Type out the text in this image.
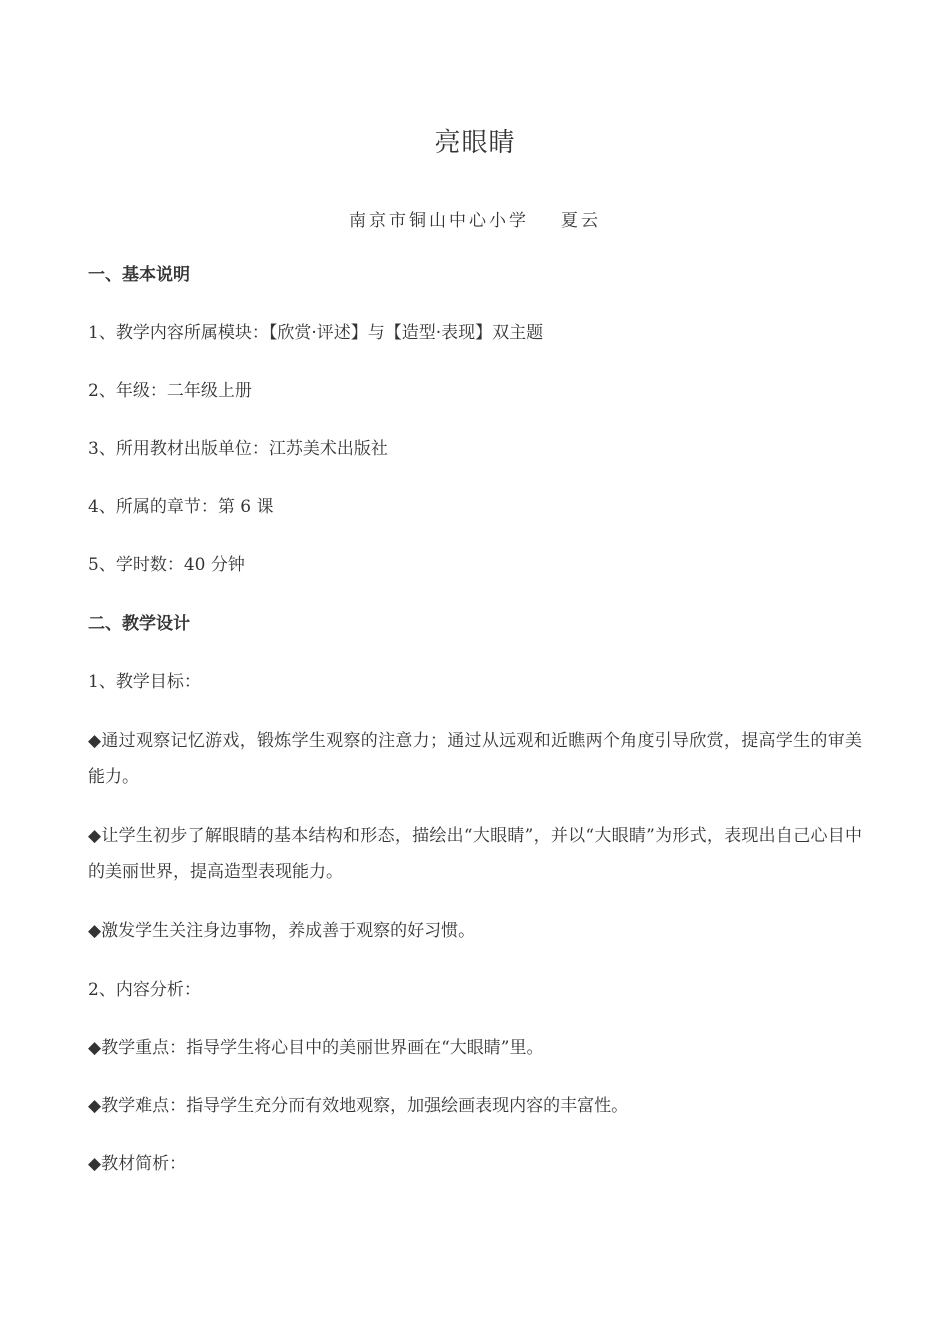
亮眼睛
南京市铜山中心小学 夏云
一、基本说明
1、教学内容所属模块：【欣赏·评述】与【造型·表现】双主题
2、年级：二年级上册
3、所用教材出版单位：江苏美术出版社
4、所属的章节：第 6 课
5、学时数：40 分钟
二、教学设计
1、教学目标：
◆通过观察记忆游戏，锻炼学生观察的注意力；通过从远观和近瞧两个角度引导欣赏，提高学生的审美能力。
◆让学生初步了解眼睛的基本结构和形态，描绘出“大眼睛”，并以“大眼睛”为形式，表现出自己心目中的美丽世界，提高造型表现能力。
◆激发学生关注身边事物，养成善于观察的好习惯。
2、内容分析：
◆教学重点：指导学生将心目中的美丽世界画在“大眼睛”里。
◆教学难点：指导学生充分而有效地观察，加强绘画表现内容的丰富性。
◆教材简析：
